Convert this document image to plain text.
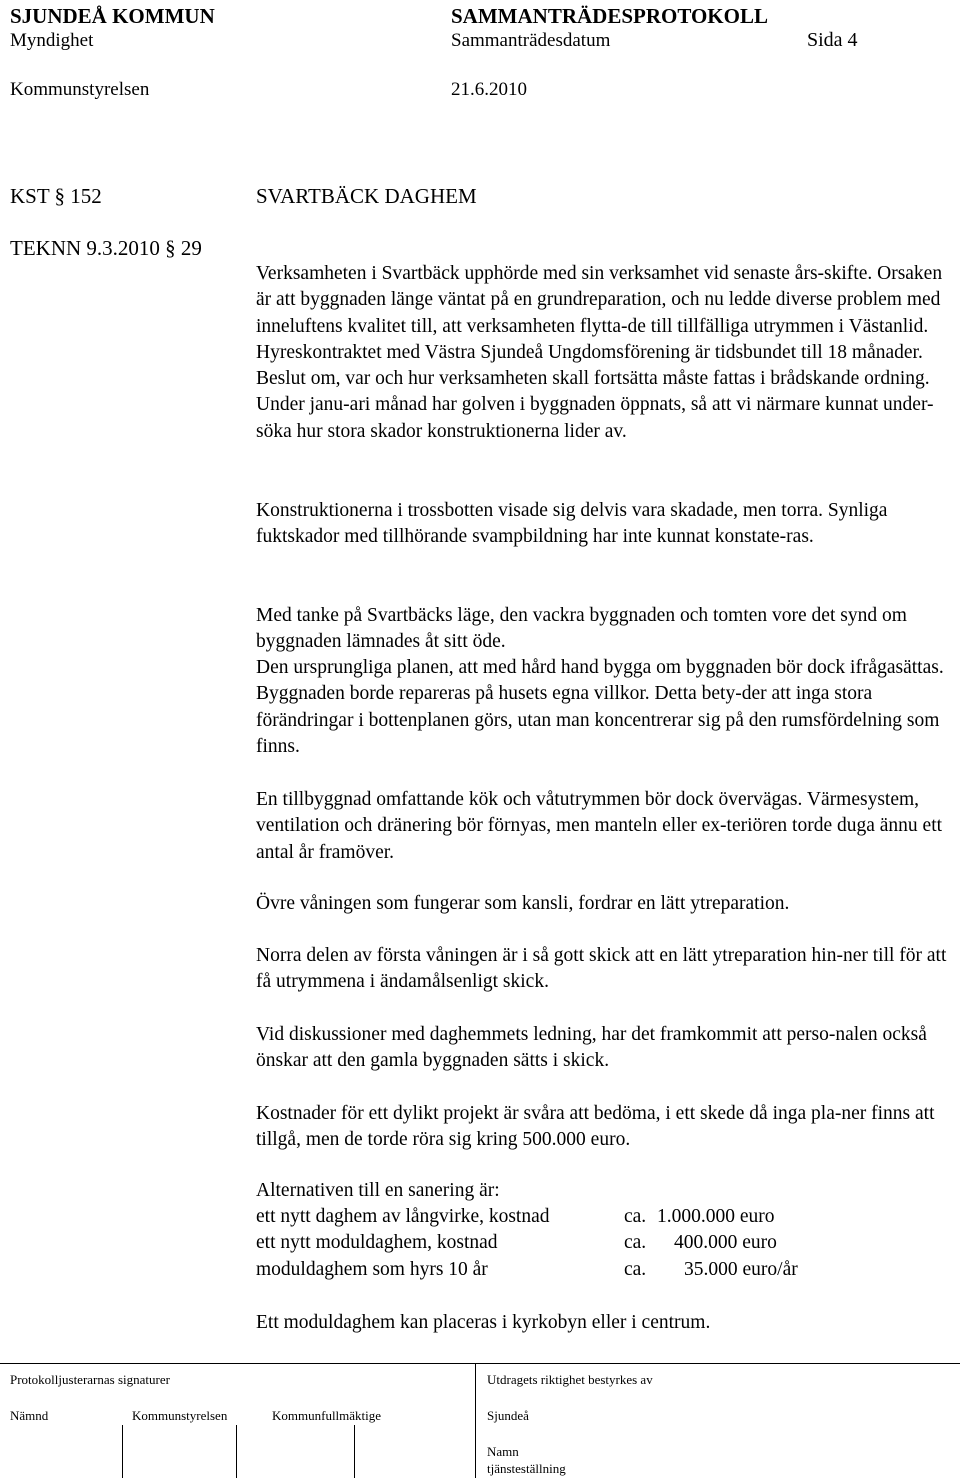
SJUNDEÅ KOMMUN	SAMMANTRÄDESPROTOKOLL
Myndighet	Sammanträdesdatum	Sida 4
Kommunstyrelsen	21.6.2010
KST § 152
TEKNN 9.3.2010 § 29
SVARTBÄCK DAGHEM

Verksamheten i Svartbäck upphörde med sin verksamhet vid senaste års-skifte. Orsaken är att byggnaden länge väntat på en grundreparation, och nu ledde diverse problem med inneluftens kvalitet till, att verksamheten flytta-de till tillfälliga utrymmen i Västanlid. Hyreskontraktet med Västra Sjundeå Ungdomsförening är tidsbundet till 18 månader. Beslut om, var och hur verksamheten skall fortsätta måste fattas i brådskande ordning. Under janu-ari månad har golven i byggnaden öppnats, så att vi närmare kunnat under-söka hur stora skador konstruktionerna lider av.

Konstruktionerna i trossbotten visade sig delvis vara skadade, men torra. Synliga fuktskador med tillhörande svampbildning har inte kunnat konstate-ras.

Med tanke på Svartbäcks läge, den vackra byggnaden och tomten vore det synd om byggnaden lämnades åt sitt öde.

Den ursprungliga planen, att med hård hand bygga om byggnaden bör dock ifrågasättas. Byggnaden borde repareras på husets egna villkor. Detta bety-der att inga stora förändringar i bottenplanen görs, utan man koncentrerar sig på den rumsfördelning som finns.

En tillbyggnad omfattande kök och våtutrymmen bör dock övervägas. Värmesystem, ventilation och dränering bör förnyas, men manteln eller ex-teriören torde duga ännu ett antal år framöver.

Övre våningen som fungerar som kansli, fordrar en lätt ytreparation.

Norra delen av första våningen är i så gott skick att en lätt ytreparation hin-ner till för att få utrymmena i ändamålsenligt skick.

Vid diskussioner med daghemmets ledning, har det framkommit att perso-nalen också önskar att den gamla byggnaden sätts i skick.

Kostnader för ett dylikt projekt är svåra att bedöma, i ett skede då inga pla-ner finns att tillgå, men de torde röra sig kring 500.000 euro.

Alternativen till en sanering är:
ett nytt daghem av långvirke, kostnad	ca. 1.000.000 euro
ett nytt moduldaghem, kostnad	ca. 400.000 euro
moduldaghem som hyrs 10 år	ca. 35.000 euro/år
Ett moduldaghem kan placeras i kyrkobyn eller i centrum.
Protokolljusterarnas signaturer	Utdragets riktighet bestyrkes av
Nämnd	Kommunstyrelsen	Kommunfullmäktige	Sjundeå
Namn
tjänsteställning
